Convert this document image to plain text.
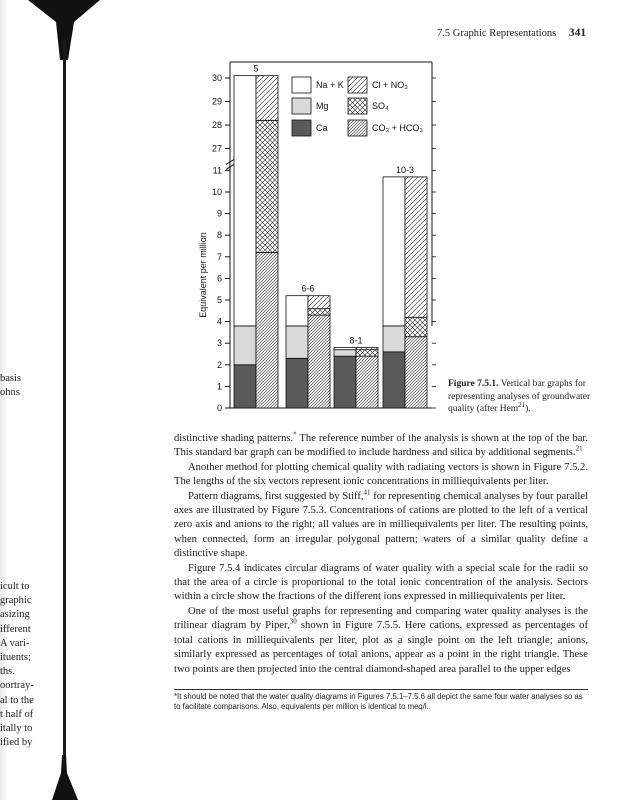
basis
ohns
icult to
graphic
asizing
ifferent
A vari-
ituents;
ths.
oortray-
al to the
t half of
itally to
ified by
7.5 Graphic Representations 341
0
1
2
3
4
5
6
7
8
9
10
11
27
28
29
30
Equivalent per million
5
6-6
8-1
10-3
Na + K
Mg
Ca
Cl + NO₃
SO₄
CO₃ + HCO₃
Figure 7.5.1. Vertical bar graphs for representing analyses of groundwater quality (after Hem$^{21}$).

distinctive shading patterns.* The reference number of the analysis is shown at the top of the bar. This standard bar graph can be modified to include hardness and silica by additional segments.$^{21}$

Another method for plotting chemical quality with radiating vectors is shown in Figure 7.5.2. The lengths of the six vectors represent ionic concentrations in milliequivalents per liter.

Pattern diagrams, first suggested by Stiff,$^{41}$ for representing chemical analyses by four parallel axes are illustrated by Figure 7.5.3. Concentrations of cations are plotted to the left of a vertical zero axis and anions to the right; all values are in milliequivalents per liter. The resulting points, when connected, form an irregular polygonal pattern; waters of a similar quality define a distinctive shape.

Figure 7.5.4 indicates circular diagrams of water quality with a special scale for the radii so that the area of a circle is proportional to the total ionic concentration of the analysis. Sectors within a circle show the fractions of the different ions expressed in milliequivalents per liter.

One of the most useful graphs for representing and comparing water quality analyses is the trilinear diagram by Piper,$^{30}$ shown in Figure 7.5.5. Here cations, expressed as percentages of total cations in milliequivalents per liter, plot as a single point on the left triangle; anions, similarly expressed as percentages of total anions, appear as a point in the right triangle. These two points are then projected into the central diamond-shaped area parallel to the upper edges

*It should be noted that the water quality diagrams in Figures 7.5.1–7.5.6 all depict the same four water analyses so as to facilitate comparisons. Also, equivalents per million is identical to meq/l.
